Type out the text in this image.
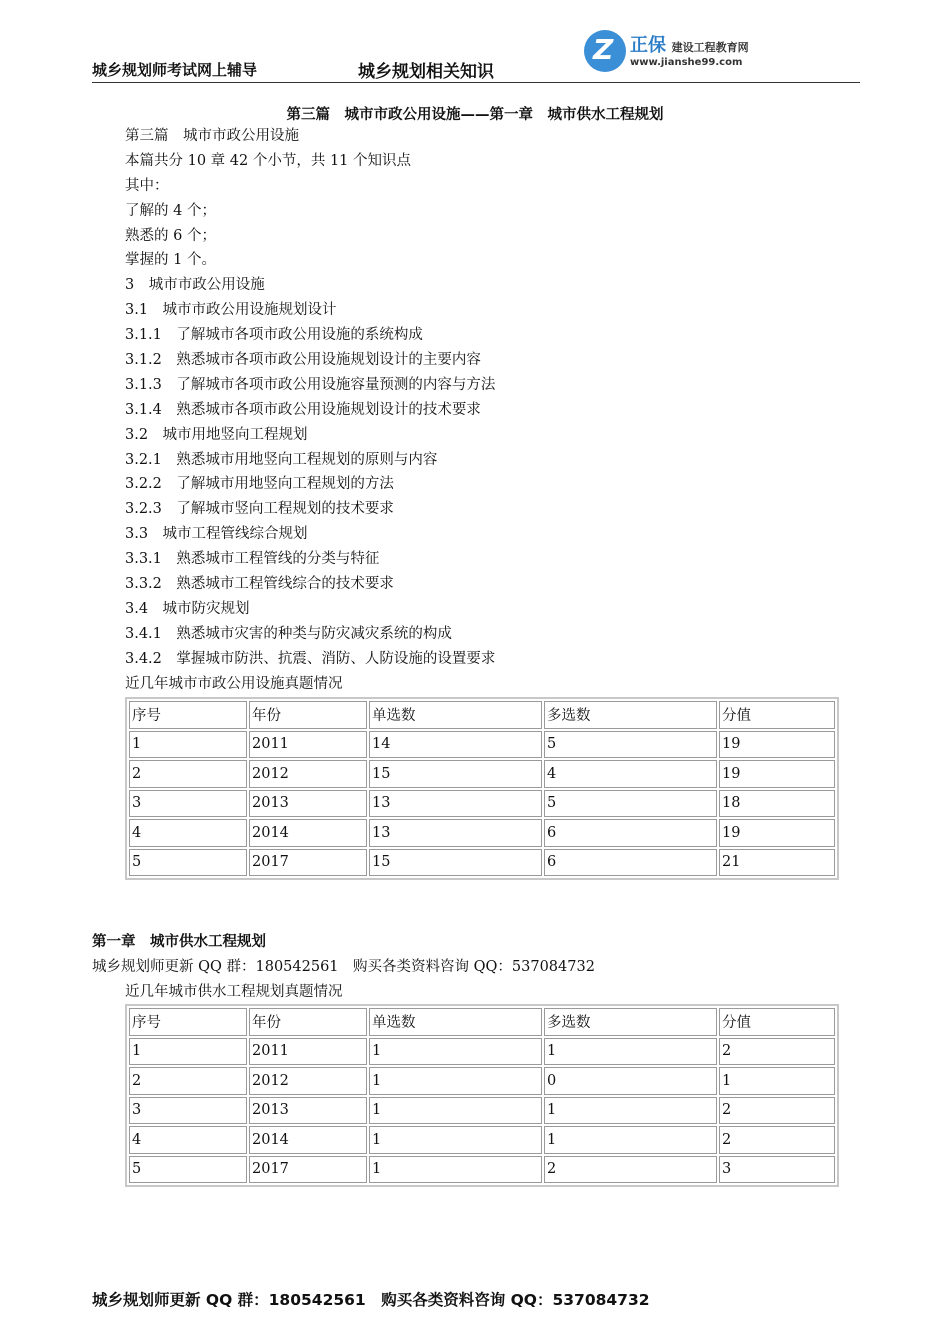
城乡规划师考试网上辅导	城乡规划相关知识
Z 正保 建设工程教育网
www.jianshe99.com
第三篇　城市市政公用设施——第一章　城市供水工程规划
第三篇　城市市政公用设施
本篇共分 10 章 42 个小节，共 11 个知识点
其中：
了解的 4 个；
熟悉的 6 个；
掌握的 1 个。
3　城市市政公用设施
3.1　城市市政公用设施规划设计
3.1.1　了解城市各项市政公用设施的系统构成
3.1.2　熟悉城市各项市政公用设施规划设计的主要内容
3.1.3　了解城市各项市政公用设施容量预测的内容与方法
3.1.4　熟悉城市各项市政公用设施规划设计的技术要求
3.2　城市用地竖向工程规划
3.2.1　熟悉城市用地竖向工程规划的原则与内容
3.2.2　了解城市用地竖向工程规划的方法
3.2.3　了解城市竖向工程规划的技术要求
3.3　城市工程管线综合规划
3.3.1　熟悉城市工程管线的分类与特征
3.3.2　熟悉城市工程管线综合的技术要求
3.4　城市防灾规划
3.4.1　熟悉城市灾害的种类与防灾减灾系统的构成
3.4.2　掌握城市防洪、抗震、消防、人防设施的设置要求
近几年城市市政公用设施真题情况
序号	年份	单选数	多选数	分值
1	2011	14	5	19
2	2012	15	4	19
3	2013	13	5	18
4	2014	13	6	19
5	2017	15	6	21
第一章　城市供水工程规划
城乡规划师更新 QQ 群：180542561　购买各类资料咨询 QQ：537084732
近几年城市供水工程规划真题情况
序号	年份	单选数	多选数	分值
1	2011	1	1	2
2	2012	1	0	1
3	2013	1	1	2
4	2014	1	1	2
5	2017	1	2	3
城乡规划师更新 QQ 群：180542561　购买各类资料咨询 QQ：537084732
